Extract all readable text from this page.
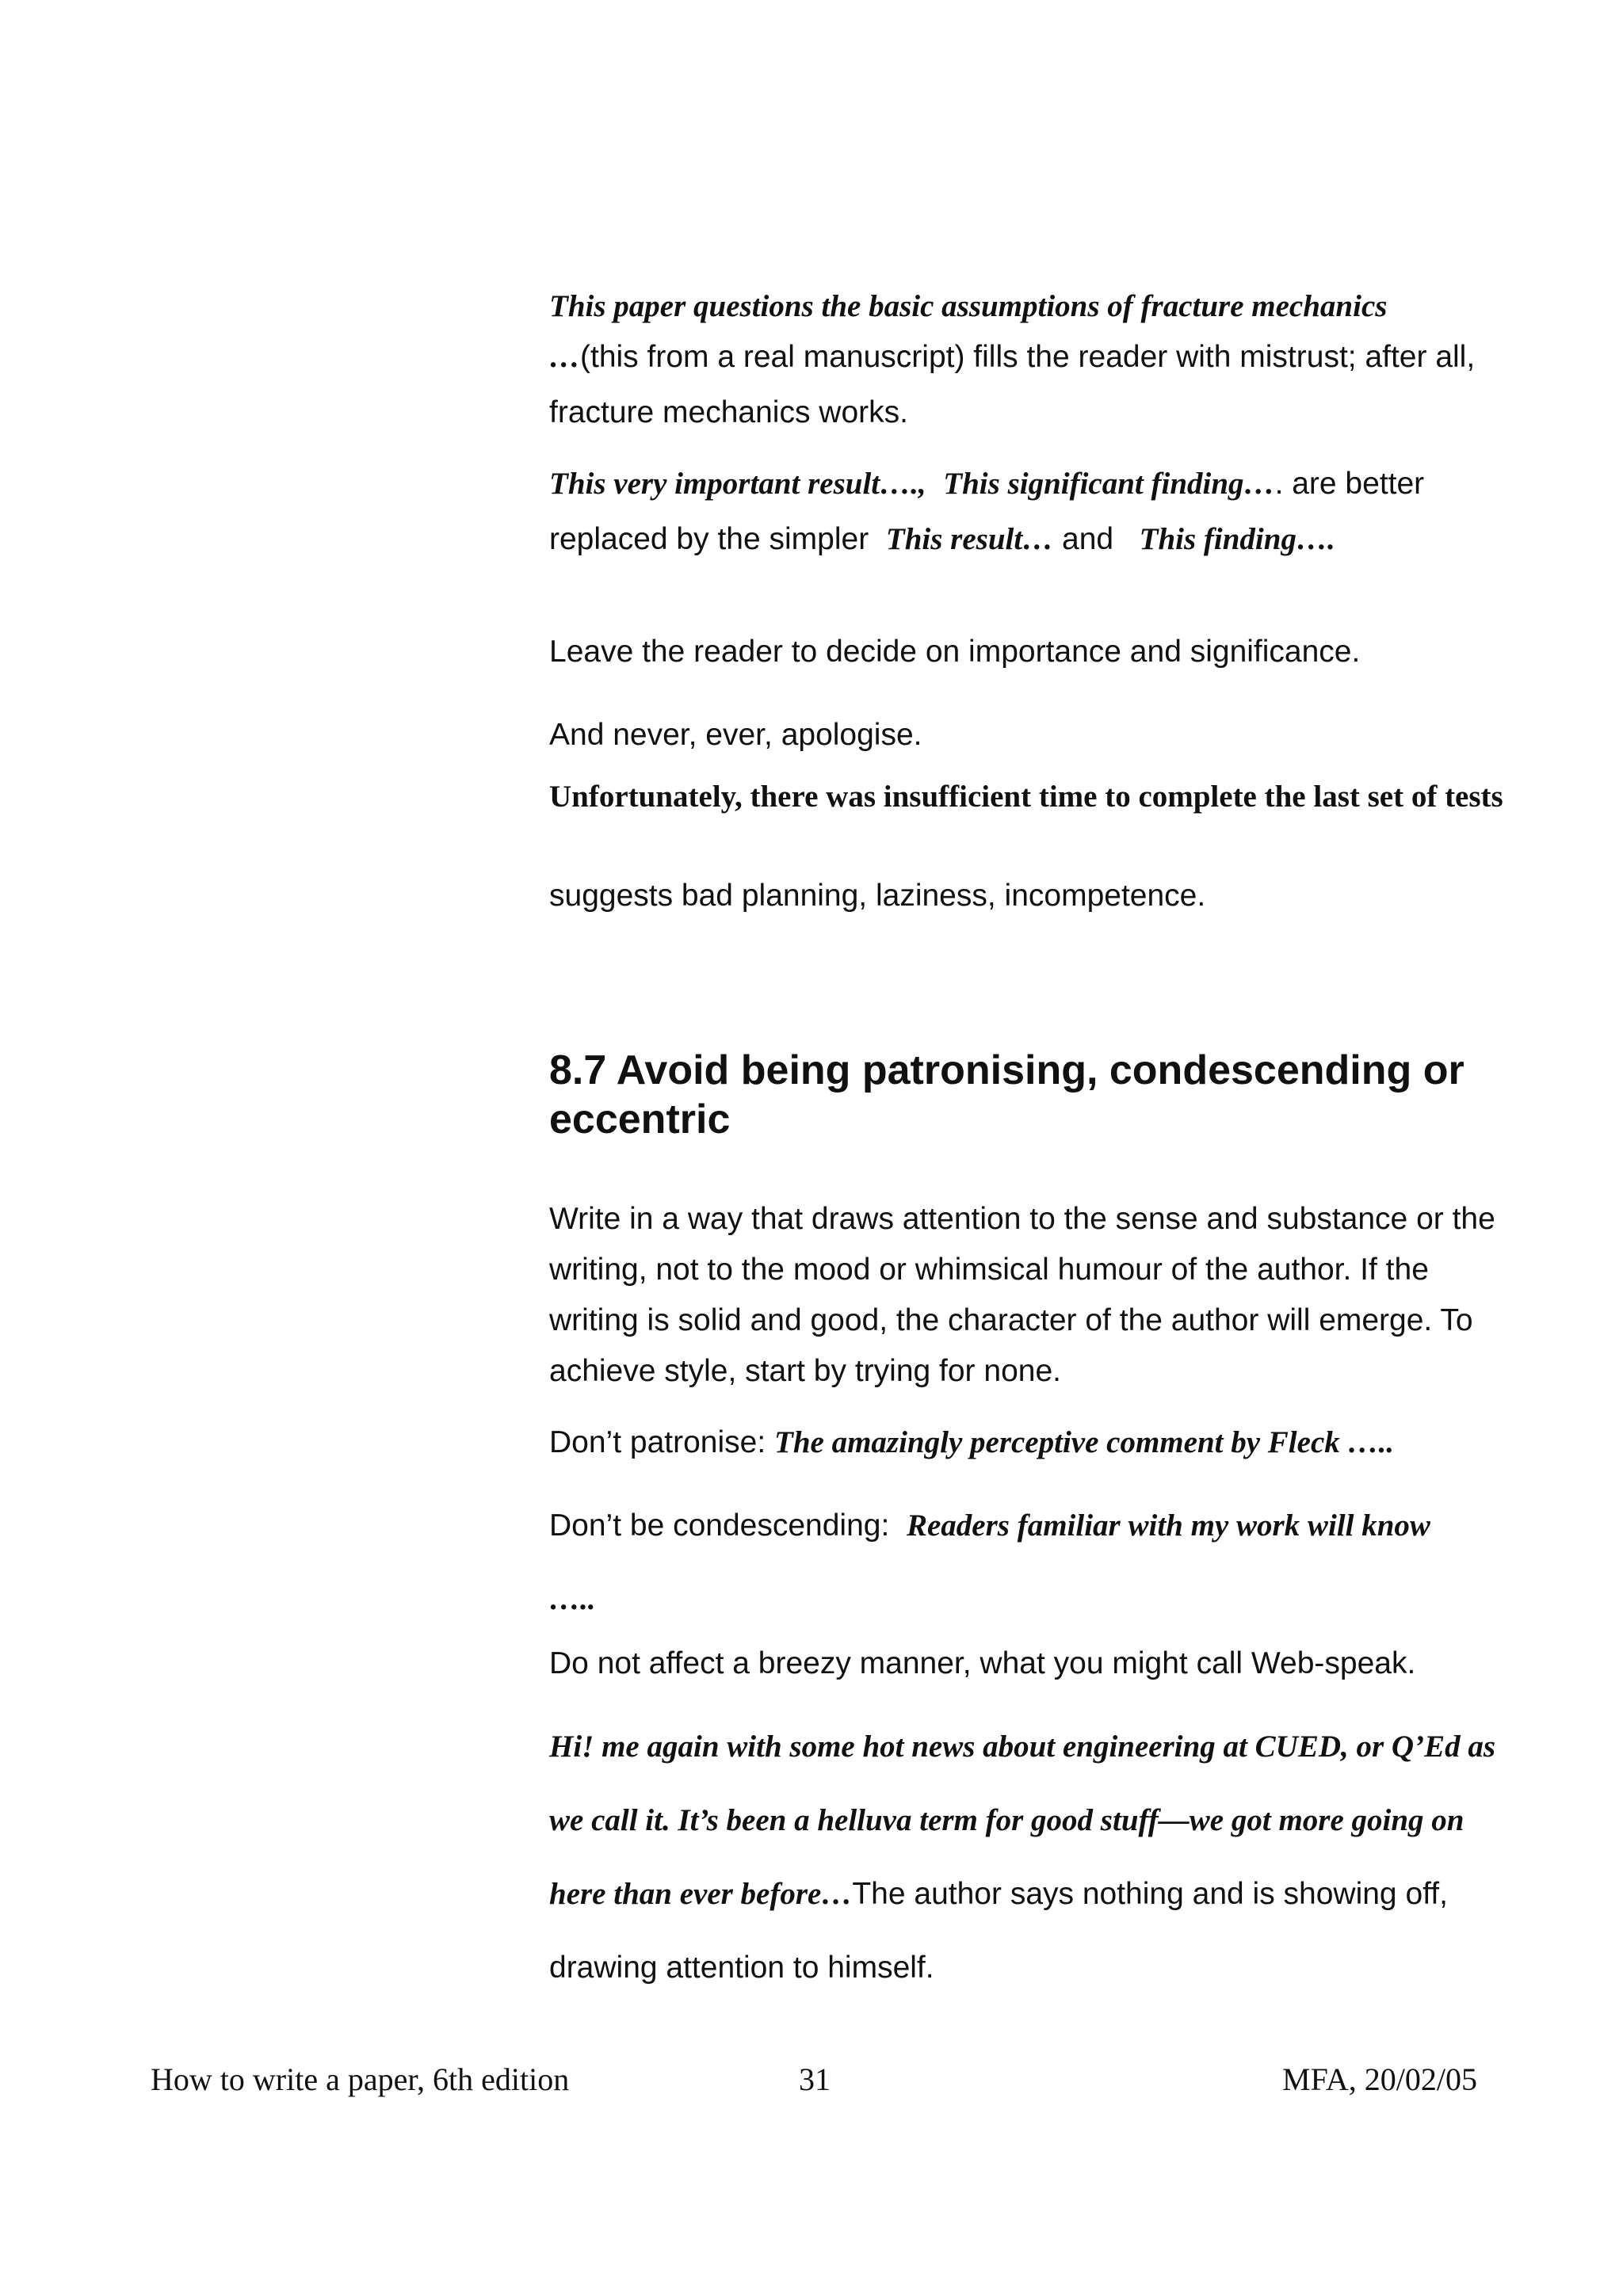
This paper questions the basic assumptions of fracture mechanics
…(this from a real manuscript) fills the reader with mistrust; after all, fracture mechanics works.
This very important result…., This significant finding…. are better replaced by the simpler This result… and This finding….
Leave the reader to decide on importance and significance.
And never, ever, apologise.
Unfortunately, there was insufficient time to complete the last set of tests
suggests bad planning, laziness, incompetence.
8.7 Avoid being patronising, condescending or eccentric
Write in a way that draws attention to the sense and substance or the writing, not to the mood or whimsical humour of the author. If the writing is solid and good, the character of the author will emerge. To achieve style, start by trying for none.
Don’t patronise: The amazingly perceptive comment by Fleck …..
Don’t be condescending: Readers familiar with my work will know
…..
Do not affect a breezy manner, what you might call Web-speak.
Hi! me again with some hot news about engineering at CUED, or Q’Ed as we call it. It’s been a helluva term for good stuff—we got more going on here than ever before…The author says nothing and is showing off, drawing attention to himself.
How to write a paper, 6th edition	31	MFA, 20/02/05
